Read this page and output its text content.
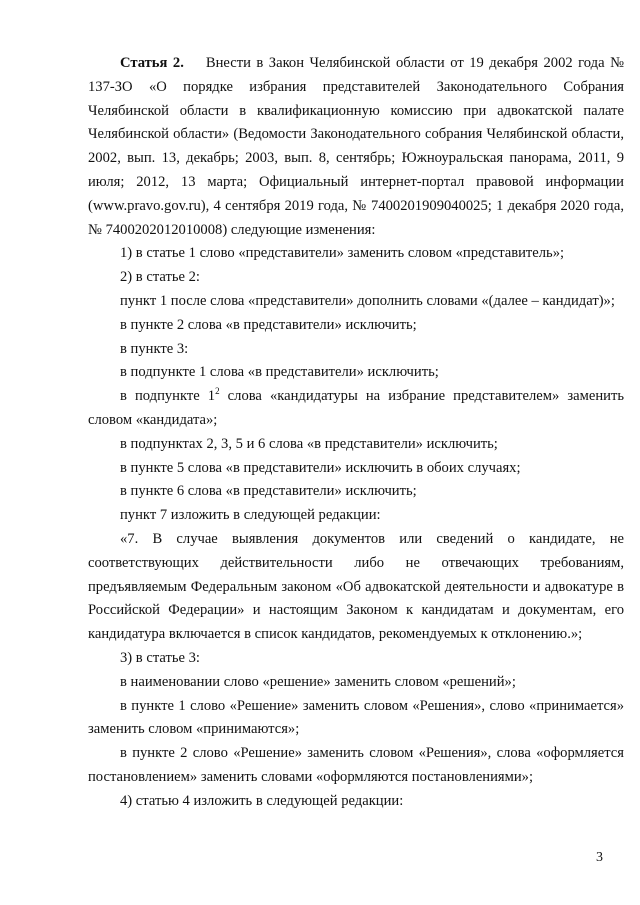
Статья 2. Внести в Закон Челябинской области от 19 декабря 2002 года № 137-ЗО «О порядке избрания представителей Законодательного Собрания Челябинской области в квалификационную комиссию при адвокатской палате Челябинской области» (Ведомости Законодательного собрания Челябинской области, 2002, вып. 13, декабрь; 2003, вып. 8, сентябрь; Южноуральская панорама, 2011, 9 июля; 2012, 13 марта; Официальный интернет-портал правовой информации (www.pravo.gov.ru), 4 сентября 2019 года, № 7400201909040025; 1 декабря 2020 года, № 7400202012010008) следующие изменения:

1) в статье 1 слово «представители» заменить словом «представитель»;

2) в статье 2:

пункт 1 после слова «представители» дополнить словами «(далее – кандидат)»;

в пункте 2 слова «в представители» исключить;

в пункте 3:

в подпункте 1 слова «в представители» исключить;

в подпункте $1^2$ слова «кандидатуры на избрание представителем» заменить словом «кандидата»;

в подпунктах 2, 3, 5 и 6 слова «в представители» исключить;

в пункте 5 слова «в представители» исключить в обоих случаях;

в пункте 6 слова «в представители» исключить;

пункт 7 изложить в следующей редакции:

«7. В случае выявления документов или сведений о кандидате, не соответствующих действительности либо не отвечающих требованиям, предъявляемым Федеральным законом «Об адвокатской деятельности и адвокатуре в Российской Федерации» и настоящим Законом к кандидатам и документам, его кандидатура включается в список кандидатов, рекомендуемых к отклонению.»;

3) в статье 3:

в наименовании слово «решение» заменить словом «решений»;

в пункте 1 слово «Решение» заменить словом «Решения», слово «принимается» заменить словом «принимаются»;

в пункте 2 слово «Решение» заменить словом «Решения», слова «оформляется постановлением» заменить словами «оформляются постановлениями»;

4) статью 4 изложить в следующей редакции:

3
